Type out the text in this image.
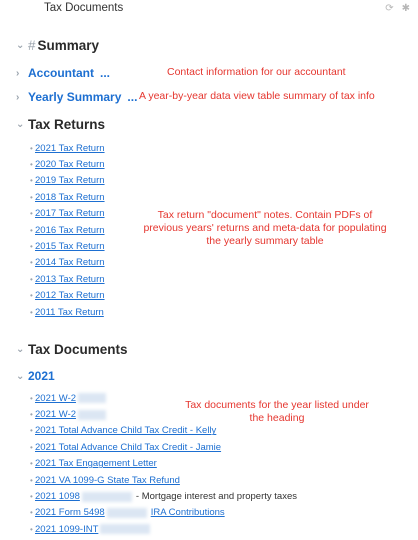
Tax Documents	⟳ ✱
⌄ # Summary
› Accountant ...	Contact information for our accountant
› Yearly Summary ... A year-by-year data view table summary of tax info
⌄ Tax Returns
• 2021 Tax Return
• 2020 Tax Return
• 2019 Tax Return
• 2018 Tax Return
• 2017 Tax Return
• 2016 Tax Return
• 2015 Tax Return
• 2014 Tax Return
• 2013 Tax Return
• 2012 Tax Return
• 2011 Tax Return
Tax return "document" notes. Contain PDFs of
previous years' returns and meta-data for populating
the yearly summary table
⌄ Tax Documents
⌄ 2021
• 2021 W-2
• 2021 W-2
• 2021 Total Advance Child Tax Credit - Kelly
• 2021 Total Advance Child Tax Credit - Jamie
• 2021 Tax Engagement Letter
• 2021 VA 1099-G State Tax Refund
• 2021 1098	- Mortgage interest and property taxes
• 2021 Form 5498	IRA Contributions
• 2021 1099-INT
Tax documents for the year listed under
the heading
